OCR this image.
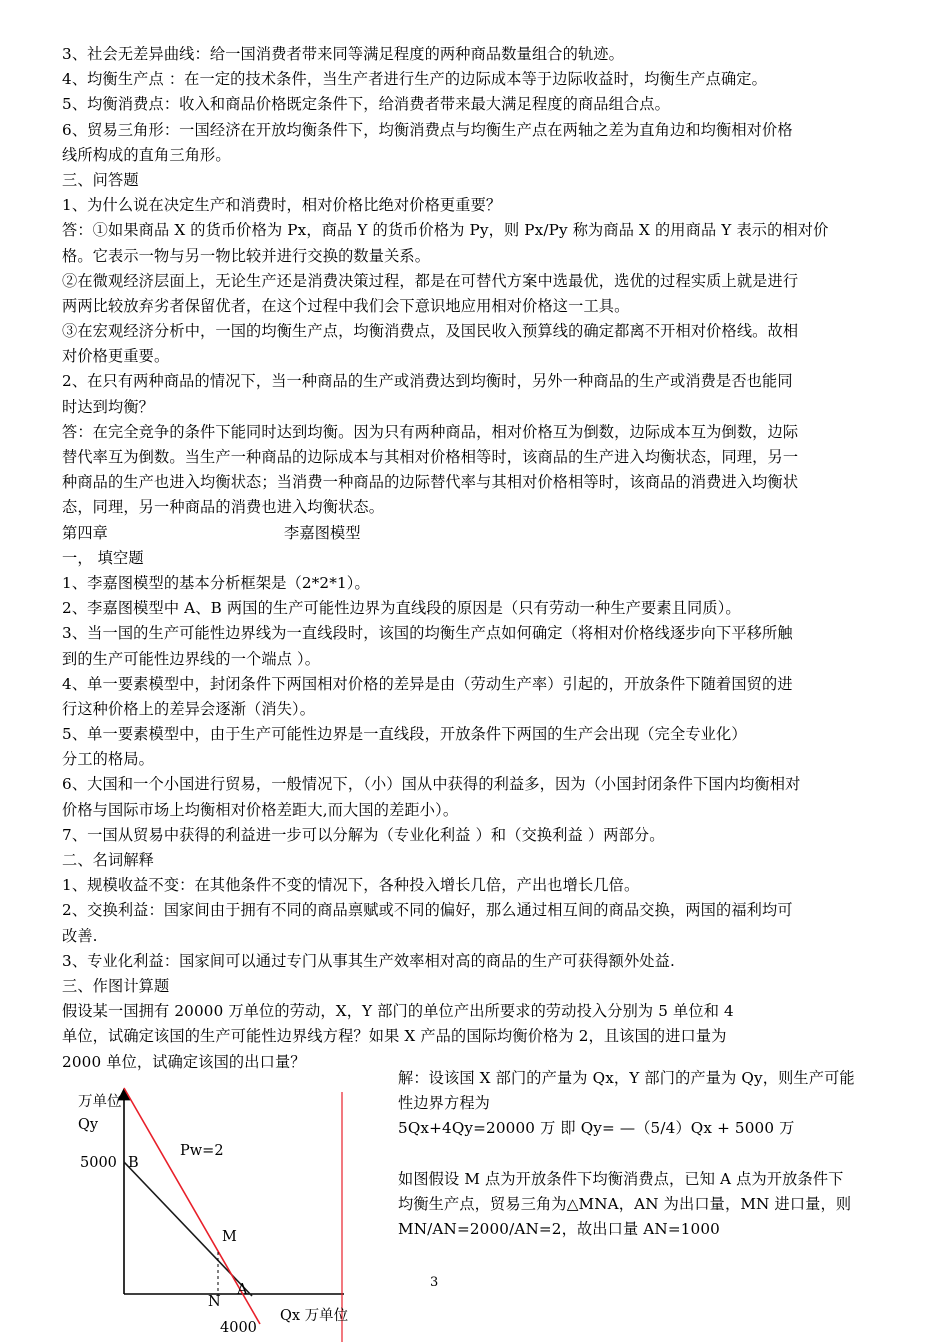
3、社会无差异曲线：给一国消费者带来同等满足程度的两种商品数量组合的轨迹。
4、均衡生产点 ：在一定的技术条件，当生产者进行生产的边际成本等于边际收益时，均衡生产点确定。
5、均衡消费点：收入和商品价格既定条件下，给消费者带来最大满足程度的商品组合点。
6、贸易三角形：一国经济在开放均衡条件下，均衡消费点与均衡生产点在两轴之差为直角边和均衡相对价格
线所构成的直角三角形。
三、问答题
1、为什么说在决定生产和消费时，相对价格比绝对价格更重要？
答：①如果商品 X 的货币价格为 Px，商品 Y 的货币价格为 Py，则 Px/Py 称为商品 X 的用商品 Y 表示的相对价
格。它表示一物与另一物比较并进行交换的数量关系。
②在微观经济层面上，无论生产还是消费决策过程，都是在可替代方案中选最优，选优的过程实质上就是进行
两两比较放弃劣者保留优者，在这个过程中我们会下意识地应用相对价格这一工具。
③在宏观经济分析中，一国的均衡生产点，均衡消费点，及国民收入预算线的确定都离不开相对价格线。故相
对价格更重要。
2、在只有两种商品的情况下，当一种商品的生产或消费达到均衡时，另外一种商品的生产或消费是否也能同
时达到均衡？
答：在完全竞争的条件下能同时达到均衡。因为只有两种商品，相对价格互为倒数，边际成本互为倒数，边际
替代率互为倒数。当生产一种商品的边际成本与其相对价格相等时，该商品的生产进入均衡状态，同理，另一
种商品的生产也进入均衡状态；当消费一种商品的边际替代率与其相对价格相等时，该商品的消费进入均衡状
态，同理，另一种商品的消费也进入均衡状态。
第四章	李嘉图模型
一， 填空题
1、李嘉图模型的基本分析框架是（2*2*1）。
2、李嘉图模型中 A、B 两国的生产可能性边界为直线段的原因是（只有劳动一种生产要素且同质）。
3、当一国的生产可能性边界线为一直线段时，该国的均衡生产点如何确定（将相对价格线逐步向下平移所触
到的生产可能性边界线的一个端点 ）。
4、单一要素模型中，封闭条件下两国相对价格的差异是由（劳动生产率）引起的，开放条件下随着国贸的进
行这种价格上的差异会逐渐（消失）。
5、单一要素模型中，由于生产可能性边界是一直线段，开放条件下两国的生产会出现（完全专业化）
分工的格局。
6、大国和一个小国进行贸易，一般情况下，（小）国从中获得的利益多，因为（小国封闭条件下国内均衡相对
价格与国际市场上均衡相对价格差距大,而大国的差距小）。
7、一国从贸易中获得的利益进一步可以分解为（专业化利益 ）和（交换利益 ）两部分。
二、名词解释
1、规模收益不变：在其他条件不变的情况下，各种投入增长几倍，产出也增长几倍。
2、交换利益：国家间由于拥有不同的商品禀赋或不同的偏好，那么通过相互间的商品交换，两国的福利均可
改善.
3、专业化利益：国家间可以通过专门从事其生产效率相对高的商品的生产可获得额外处益.
三、作图计算题
假设某一国拥有 20000 万单位的劳动，X，Y 部门的单位产出所要求的劳动投入分别为 5 单位和 4
单位，试确定该国的生产可能性边界线方程？如果 X 产品的国际均衡价格为 2，且该国的进口量为
2000 单位，试确定该国的出口量？
解：设该国 X 部门的产量为 Qx，Y 部门的产量为 Qy，则生产可能
性边界方程为
5Qx+4Qy=20000 万 即 Qy= —（5/4）Qx + 5000 万
如图假设 M 点为开放条件下均衡消费点，已知 A 点为开放条件下
均衡生产点，贸易三角为△MNA，AN 为出口量，MN 进口量，则
MN/AN=2000/AN=2，故出口量 AN=1000
万单位
Qy
5000 B
Pw=2
M
A
N
Qx 万单位
4000
3
